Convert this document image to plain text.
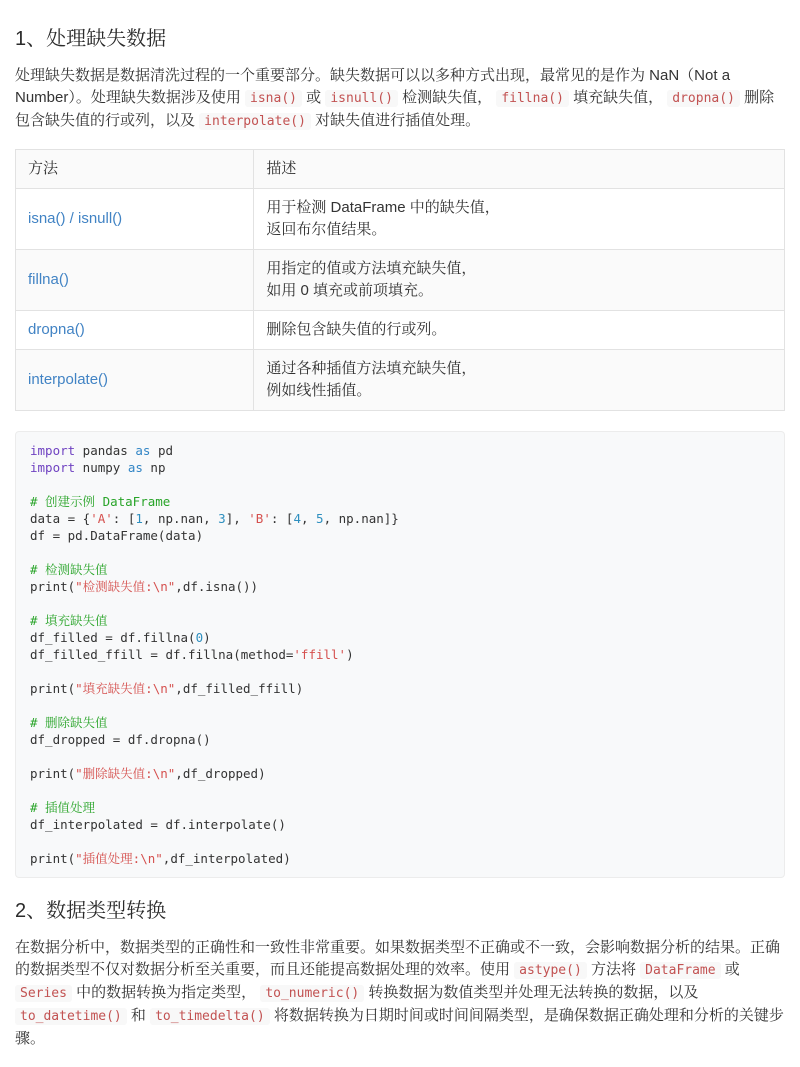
1、处理缺失数据

处理缺失数据是数据清洗过程的一个重要部分。缺失数据可以以多种方式出现，最常见的是作为 NaN（Not a Number）。处理缺失数据涉及使用 isna() 或 isnull() 检测缺失值， fillna() 填充缺失值， dropna() 删除包含缺失值的行或列，以及 interpolate() 对缺失值进行插值处理。

方法	描述
isna() / isnull()	用于检测 DataFrame 中的缺失值，
返回布尔值结果。
fillna()	用指定的值或方法填充缺失值，
如用 0 填充或前项填充。
dropna()	删除包含缺失值的行或列。
interpolate()	通过各种插值方法填充缺失值，
例如线性插值。
import pandas as pd
import numpy as np

# 创建示例 DataFrame
data = {'A': [1, np.nan, 3], 'B': [4, 5, np.nan]}
df = pd.DataFrame(data)

# 检测缺失值
print("检测缺失值:\n",df.isna())

# 填充缺失值
df_filled = df.fillna(0)
df_filled_ffill = df.fillna(method='ffill')

print("填充缺失值:\n",df_filled_ffill)

# 删除缺失值
df_dropped = df.dropna()

print("删除缺失值:\n",df_dropped)

# 插值处理
df_interpolated = df.interpolate()

print("插值处理:\n",df_interpolated)
2、数据类型转换

在数据分析中，数据类型的正确性和一致性非常重要。如果数据类型不正确或不一致，会影响数据分析的结果。正确的数据类型不仅对数据分析至关重要，而且还能提高数据处理的效率。使用 astype() 方法将 DataFrame 或 Series 中的数据转换为指定类型， to_numeric() 转换数据为数值类型并处理无法转换的数据，以及 to_datetime() 和 to_timedelta() 将数据转换为日期时间或时间间隔类型，是确保数据正确处理和分析的关键步骤。
